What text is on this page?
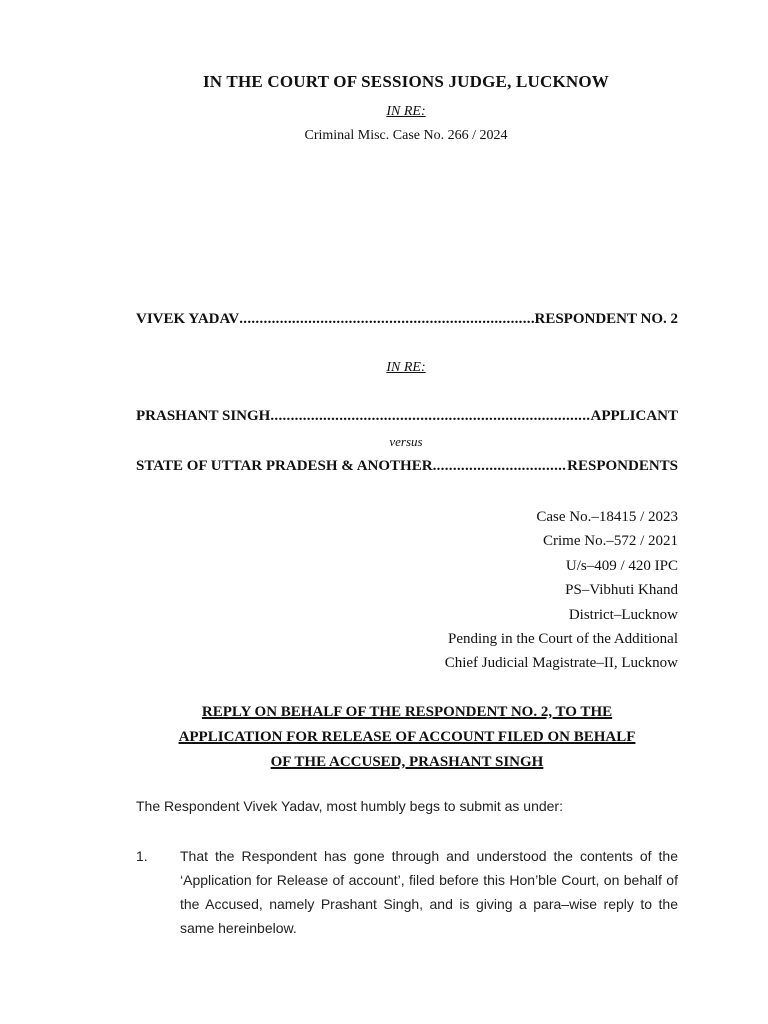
IN THE COURT OF SESSIONS JUDGE, LUCKNOW
IN RE:
Criminal Misc. Case No. 266 / 2024
VIVEK YADAV .....	RESPONDENT NO. 2
IN RE:
PRASHANT SINGH .....	APPLICANT
versus
STATE OF UTTAR PRADESH & ANOTHER .....	RESPONDENTS
Case No.–18415 / 2023
Crime No.–572 / 2021
U/s–409 / 420 IPC
PS–Vibhuti Khand
District–Lucknow
Pending in the Court of the Additional
Chief Judicial Magistrate–II, Lucknow
REPLY ON BEHALF OF THE RESPONDENT NO. 2, TO THE
APPLICATION FOR RELEASE OF ACCOUNT FILED ON BEHALF
OF THE ACCUSED, PRASHANT SINGH
The Respondent Vivek Yadav, most humbly begs to submit as under:
1. That the Respondent has gone through and understood the contents of the ‘Application for Release of account’, filed before this Hon’ble Court, on behalf of the Accused, namely Prashant Singh, and is giving a para–wise reply to the same hereinbelow.
